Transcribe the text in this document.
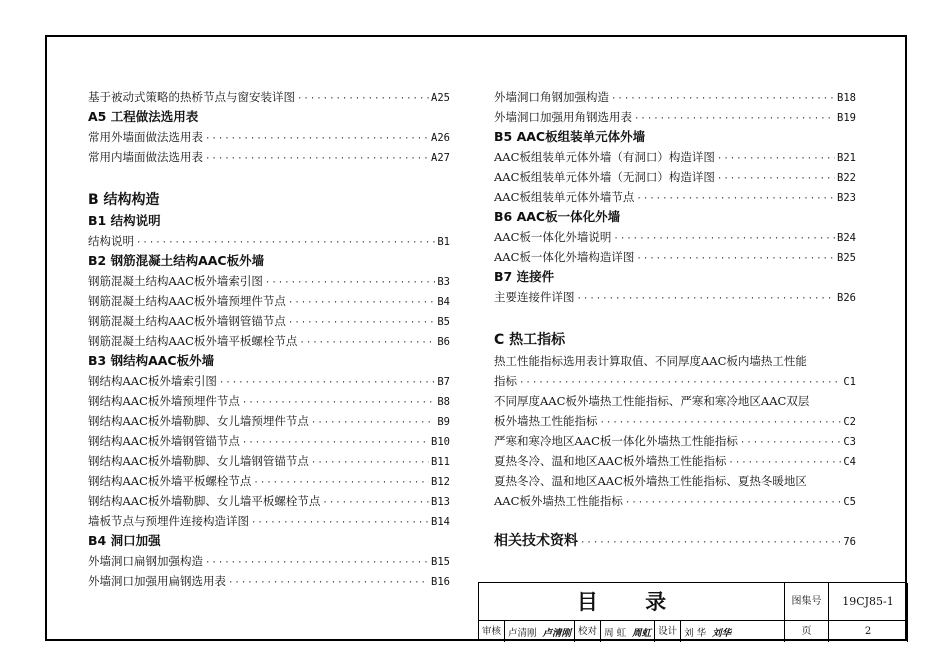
基于被动式策略的热桥节点与窗安装详图 ·····	A25
A5 工程做法选用表
常用外墙面做法选用表 ·····	A26
常用内墙面做法选用表 ·····	A27
B 结构构造
B1 结构说明
结构说明 ·····	B1
B2 钢筋混凝土结构AAC板外墙
钢筋混凝土结构AAC板外墙索引图 ·····	B3
钢筋混凝土结构AAC板外墙预埋件节点 ·····	B4
钢筋混凝土结构AAC板外墙钢管锚节点 ·····	B5
钢筋混凝土结构AAC板外墙平板螺栓节点 ·····	B6
B3 钢结构AAC板外墙
钢结构AAC板外墙索引图 ·····	B7
钢结构AAC板外墙预埋件节点 ·····	B8
钢结构AAC板外墙勒脚、女儿墙预埋件节点 ·····	B9
钢结构AAC板外墙钢管锚节点 ·····	B10
钢结构AAC板外墙勒脚、女儿墙钢管锚节点 ·····	B11
钢结构AAC板外墙平板螺栓节点 ·····	B12
钢结构AAC板外墙勒脚、女儿墙平板螺栓节点 ·····	B13
墙板节点与预埋件连接构造详图 ·····	B14
B4 洞口加强
外墙洞口扁钢加强构造 ·····	B15
外墙洞口加强用扁钢选用表 ·····	B16
外墙洞口角钢加强构造 ·····	B18
外墙洞口加强用角钢选用表 ·····	B19
B5 AAC板组装单元体外墙
AAC板组装单元体外墙（有洞口）构造详图 ·····	B21
AAC板组装单元体外墙（无洞口）构造详图 ·····	B22
AAC板组装单元体外墙节点 ·····	B23
B6 AAC板一体化外墙
AAC板一体化外墙说明 ·····	B24
AAC板一体化外墙构造详图 ·····	B25
B7 连接件
主要连接件详图 ·····	B26
C 热工指标
热工性能指标选用表计算取值、不同厚度AAC板内墙热工性能
指标 ·····	C1
不同厚度AAC板外墙热工性能指标、严寒和寒冷地区AAC双层
板外墙热工性能指标 ·····	C2
严寒和寒冷地区AAC板一体化外墙热工性能指标 ·····	C3
夏热冬冷、温和地区AAC板外墙热工性能指标 ·····	C4
夏热冬冷、温和地区AAC板外墙热工性能指标、夏热冬暖地区
AAC板外墙热工性能指标 ·····	C5
相关技术资料 ·····	76
目 录	图集号	19CJ85-1
页	2
审核 卢清刚 卢清刚 校对 周 虹 周虹 设计 刘 华 刘华
